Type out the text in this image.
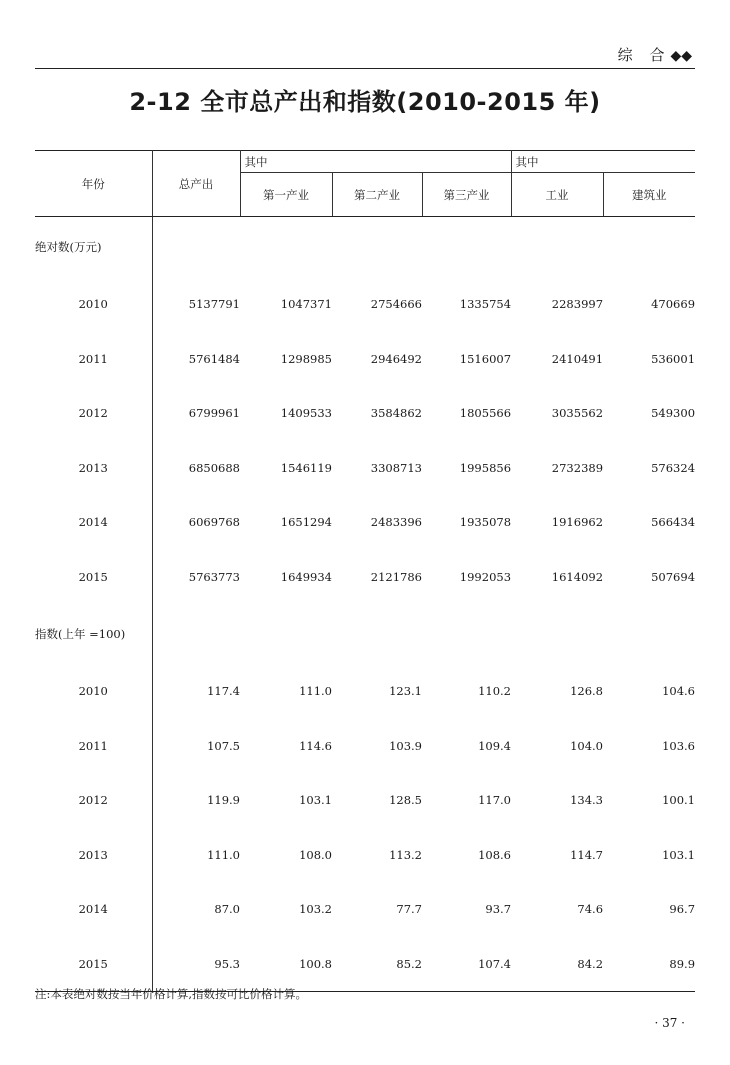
综 合◆◆
2-12 全市总产出和指数(2010-2015 年)
年份	总产出	其中			其中	
		第一产业	第二产业	第三产业	工业	建筑业
绝对数(万元)						
2010	5137791	1047371	2754666	1335754	2283997	470669
2011	5761484	1298985	2946492	1516007	2410491	536001
2012	6799961	1409533	3584862	1805566	3035562	549300
2013	6850688	1546119	3308713	1995856	2732389	576324
2014	6069768	1651294	2483396	1935078	1916962	566434
2015	5763773	1649934	2121786	1992053	1614092	507694
指数(上年 =100)						
2010	117.4	111.0	123.1	110.2	126.8	104.6
2011	107.5	114.6	103.9	109.4	104.0	103.6
2012	119.9	103.1	128.5	117.0	134.3	100.1
2013	111.0	108.0	113.2	108.6	114.7	103.1
2014	87.0	103.2	77.7	93.7	74.6	96.7
2015	95.3	100.8	85.2	107.4	84.2	89.9
注:本表绝对数按当年价格计算,指数按可比价格计算。
· 37 ·
